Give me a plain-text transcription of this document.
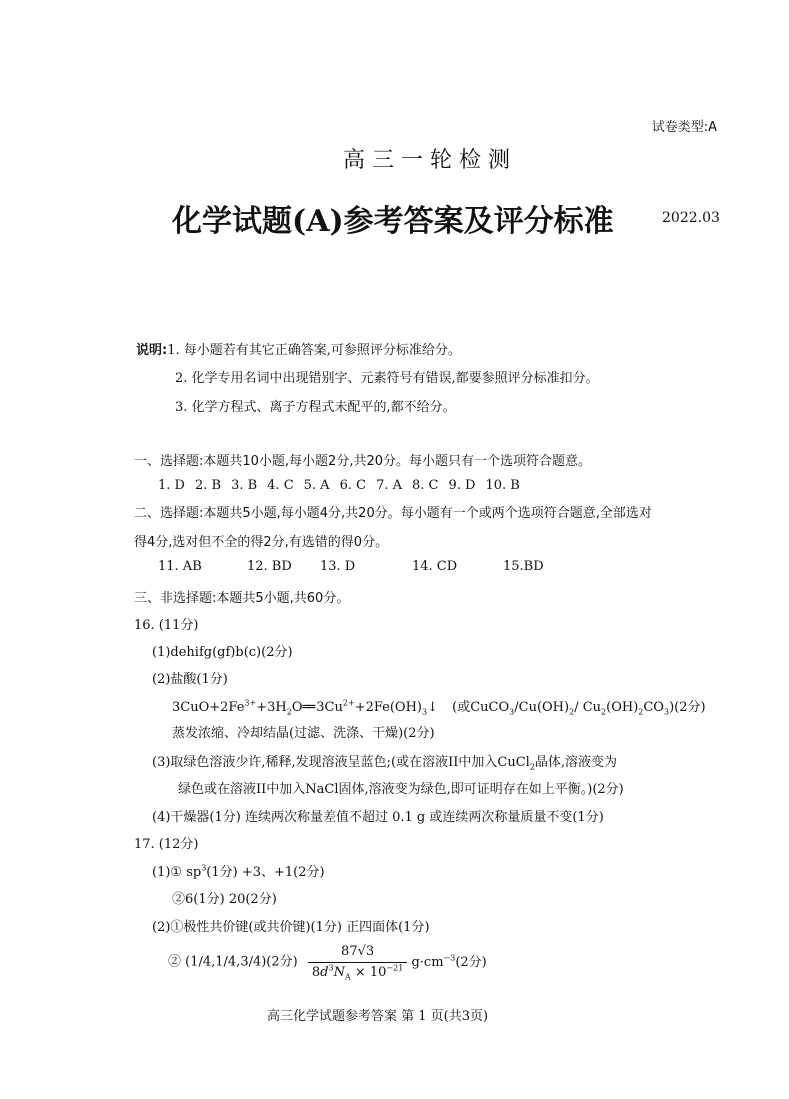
试卷类型:A
高三一轮检测
化学试题(A)参考答案及评分标准	2022.03
说明:1. 每小题若有其它正确答案,可参照评分标准给分。
2. 化学专用名词中出现错别字、元素符号有错误,都要参照评分标准扣分。
3. 化学方程式、离子方程式未配平的,都不给分。
一、选择题:本题共10小题,每小题2分,共20分。每小题只有一个选项符合题意。
1. D 2. B 3. B 4. C 5. A 6. C 7. A 8. C 9. D 10. B
二、选择题:本题共5小题,每小题4分,共20分。每小题有一个或两个选项符合题意,全部选对
得4分,选对但不全的得2分,有选错的得0分。
11. AB	12. BD 13. D	14. CD	15.BD
三、非选择题:本题共5小题,共60分。
16. (11分)
(1)dehifg(gf)b(c)(2分)
(2)盐酸(1分)
$3CuO+2Fe^{3+}+3H_2O══$ $3Cu^{2+}+2Fe(OH)_3↓$ (或$CuCO_3/Cu(OH)_2/$ $Cu_2(OH)_2CO_3)(2$分)
蒸发浓缩、冷却结晶(过滤、洗涤、干燥)(2分)
(3)取绿色溶液少许,稀释,发现溶液呈蓝色;(或在溶液II中加入CuCl$_2$晶体,溶液变为
绿色或在溶液II中加入NaCl固体,溶液变为绿色,即可证明存在如上平衡。)(2分)
(4)干燥器(1分) 连续两次称量差值不超过 0.1 g 或连续两次称量质量不变(1分)
17. (12分)
(1)① $sp^3(1$分) +3、+1(2分)
②6(1分) 20(2分)
(2)①极性共价键(或共价键)(1分) 正四面体(1分)
② (1/4,1/4,3/4)(2分) $\frac{87√3}{8d^3N_A \times 10^{-21}} g\cdot cm^{-3}(2$分)
高三化学试题参考答案 第 1 页(共3页)
